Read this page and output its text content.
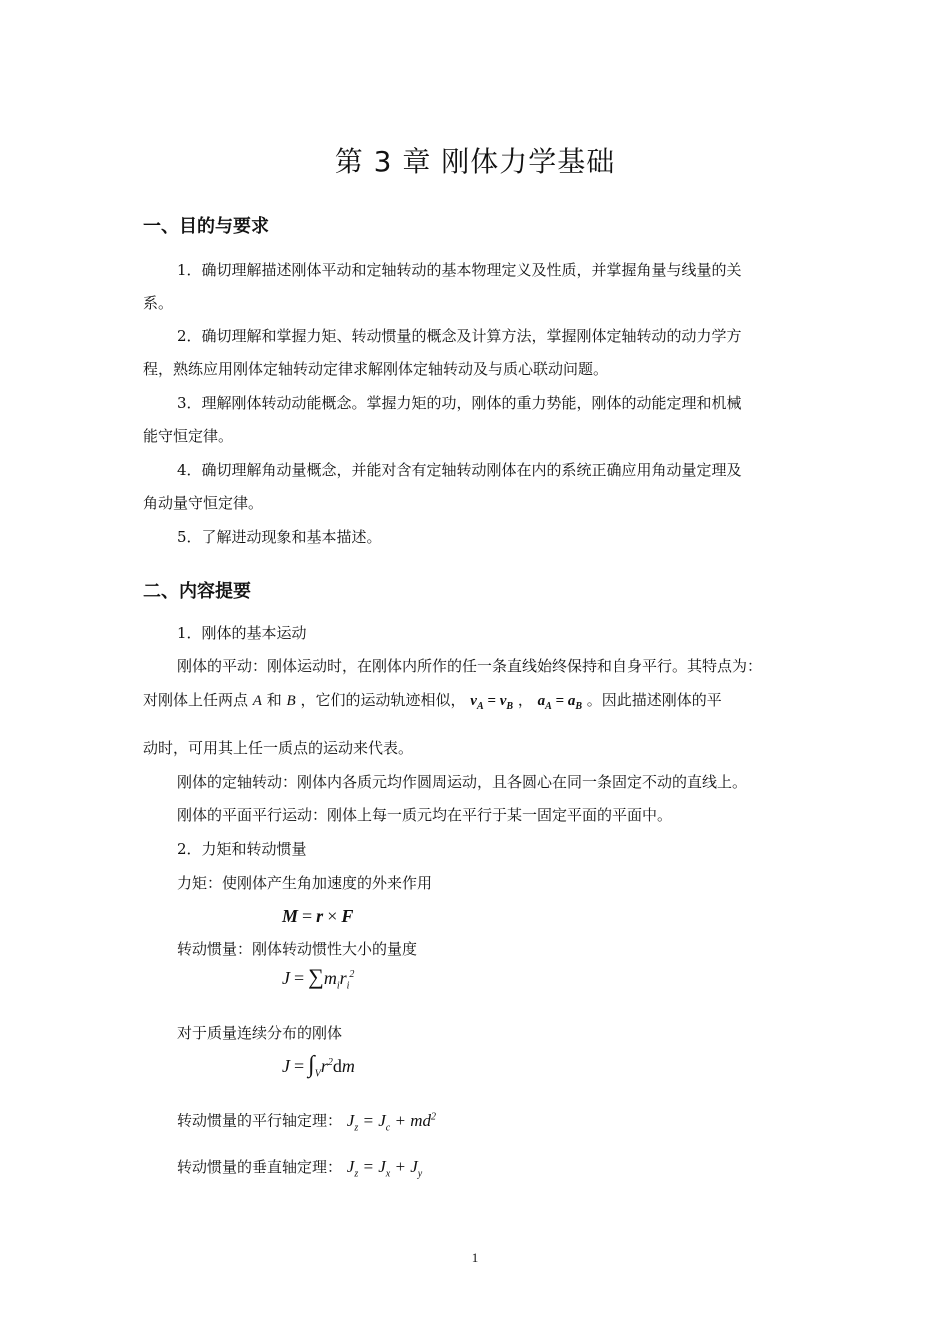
第 3 章 刚体力学基础
一、目的与要求
1．确切理解描述刚体平动和定轴转动的基本物理定义及性质，并掌握角量与线量的关
系。
2．确切理解和掌握力矩、转动惯量的概念及计算方法，掌握刚体定轴转动的动力学方
程，熟练应用刚体定轴转动定律求解刚体定轴转动及与质心联动问题。
3．理解刚体转动动能概念。掌握力矩的功，刚体的重力势能，刚体的动能定理和机械
能守恒定律。
4．确切理解角动量概念，并能对含有定轴转动刚体在内的系统正确应用角动量定理及
角动量守恒定律。
5．了解进动现象和基本描述。
二、内容提要
1．刚体的基本运动
刚体的平动：刚体运动时，在刚体内所作的任一条直线始终保持和自身平行。其特点为：
对刚体上任两点 A 和 B ，它们的运动轨迹相似， $v_A = v_B$ ， $a_A = a_B$ 。因此描述刚体的平
动时，可用其上任一质点的运动来代表。
刚体的定轴转动：刚体内各质元均作圆周运动，且各圆心在同一条固定不动的直线上。
刚体的平面平行运动：刚体上每一质元均在平行于某一固定平面的平面中。
2．力矩和转动惯量
力矩：使刚体产生角加速度的外来作用
M = r × F
转动惯量：刚体转动惯性大小的量度
$J = \sum m_ir_i^2$
对于质量连续分布的刚体
$J = \int_Vr^2dm$
转动惯量的平行轴定理： $J_z = J_c + md^2$
转动惯量的垂直轴定理： $J_z = J_x + J_y$
1
